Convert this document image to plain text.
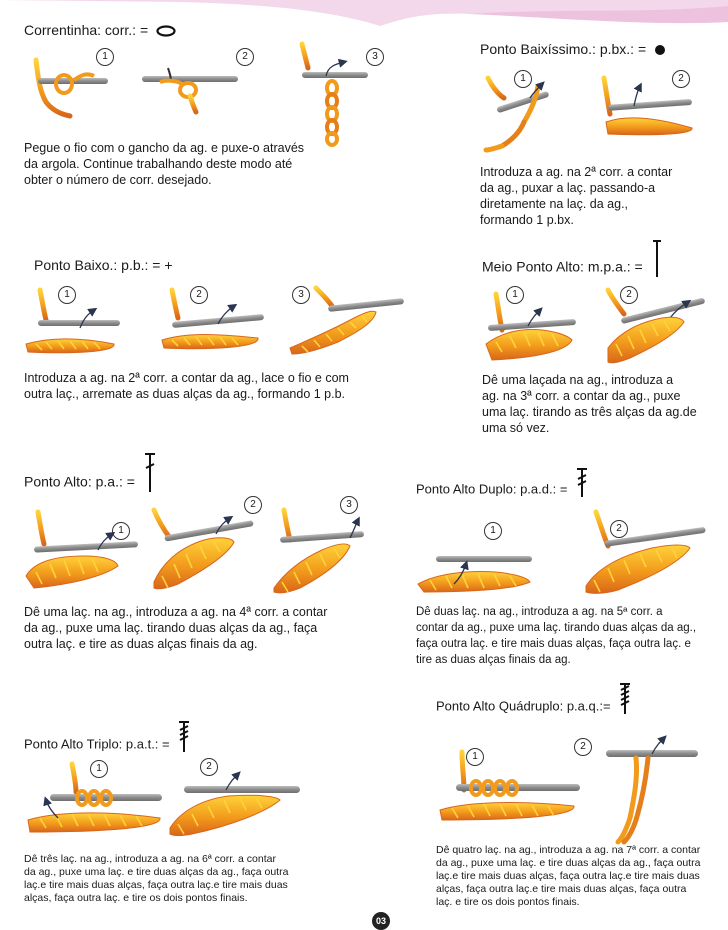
Correntinha: corr.: =
1	2	3
Pegue o fio com o gancho da ag. e puxe-o através
da argola. Continue trabalhando deste modo até
obter o número de corr. desejado.
Ponto Baixíssimo.: p.bx.: =
1	2
Introduza a ag. na 2ª corr. a contar
da ag., puxar a laç. passando-a
diretamente na laç. da ag.,
formando 1 p.bx.
Ponto Baixo.: p.b.: = +
1	2	3
Introduza a ag. na 2ª corr. a contar da ag., lace o fio e com
outra laç., arremate as duas alças da ag., formando 1 p.b.
Meio Ponto Alto: m.p.a.: =
1	2
Dê uma laçada na ag., introduza a
ag. na 3ª corr. a contar da ag., puxe
uma laç. tirando as três alças da ag.de
uma só vez.
Ponto Alto: p.a.: =
1
2	3
Dê uma laç. na ag., introduza a ag. na 4ª corr. a contar
da ag., puxe uma laç. tirando duas alças da ag., faça
outra laç. e tire as duas alças finais da ag.
Ponto Alto Duplo: p.a.d.: =
1	2
Dê duas laç. na ag., introduza a ag. na 5ª corr. a
contar da ag., puxe uma laç. tirando duas alças da ag.,
faça outra laç. e tire mais duas alças, faça outra laç. e
tire as duas alças finais da ag.
Ponto Alto Triplo: p.a.t.: =
1	2
Dê três laç. na ag., introduza a ag. na 6ª corr. a contar
da ag., puxe uma laç. e tire duas alças da ag., faça outra
laç.e tire mais duas alças, faça outra laç.e tire mais duas
alças, faça outra laç. e tire os dois pontos finais.
Ponto Alto Quádruplo: p.a.q.:=
1
2
Dê quatro laç. na ag., introduza a ag. na 7ª corr. a contar
da ag., puxe uma laç. e tire duas alças da ag., faça outra
laç.e tire mais duas alças, faça outra laç.e tire mais duas
alças, faça outra laç.e tire mais duas alças, faça outra
laç. e tire os dois pontos finais.
03
